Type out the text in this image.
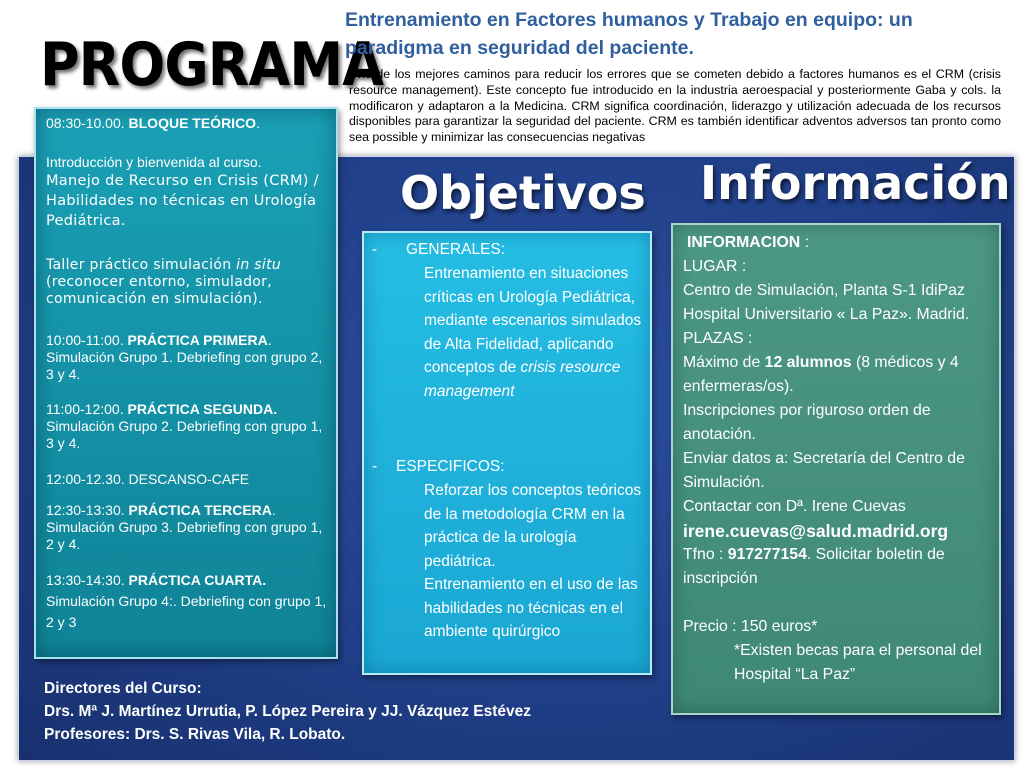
PROGRAMA
Entrenamiento en Factores humanos y Trabajo en equipo: un paradigma en seguridad del paciente.
Uno de los mejores caminos para reducir los errores que se cometen debido a factores humanos es el CRM (crisis resource management). Este concepto fue introducido en la industria aeroespacial y posteriormente Gaba y cols. la modificaron y adaptaron a la Medicina. CRM significa coordinación, liderazgo y utilización adecuada de los recursos disponibles para garantizar la seguridad del paciente. CRM es también identificar adventos adversos tan pronto como sea possible y minimizar las consecuencias negativas
Objetivos Información
08:30-10.00. BLOQUE TEÓRICO.
Introducción y bienvenida al curso.
Manejo de Recurso en Crisis (CRM) / Habilidades no técnicas en Urología Pediátrica.
Taller práctico simulación in situ (reconocer entorno, simulador, comunicación en simulación).
10:00-11:00. PRÁCTICA PRIMERA.
Simulación Grupo 1. Debriefing con grupo 2, 3 y 4.
11:00-12:00. PRÁCTICA SEGUNDA.
Simulación Grupo 2. Debriefing con grupo 1, 3 y 4.
12:00-12.30. DESCANSO-CAFE
12:30-13:30. PRÁCTICA TERCERA.
Simulación Grupo 3. Debriefing con grupo 1, 2 y 4.
13:30-14:30. PRÁCTICA CUARTA.
Simulación Grupo 4:. Debriefing con grupo 1, 2 y 3
- GENERALES:
Entrenamiento en situaciones críticas en Urología Pediátrica, mediante escenarios simulados de Alta Fidelidad, aplicando conceptos de crisis resource management
- ESPECIFICOS:
Reforzar los conceptos teóricos de la metodología CRM en la práctica de la urología pediátrica.
Entrenamiento en el uso de las habilidades no técnicas en el ambiente quirúrgico
INFORMACION :
LUGAR :
Centro de Simulación, Planta S-1 IdiPaz Hospital Universitario « La Paz». Madrid.
PLAZAS :
Máximo de 12 alumnos (8 médicos y 4 enfermeras/os).
Inscripciones por riguroso orden de anotación.
Enviar datos a: Secretaría del Centro de Simulación.
Contactar con Dª. Irene Cuevas
irene.cuevas@salud.madrid.org
Tfno : 917277154. Solicitar boletin de inscripción
Precio : 150 euros*
*Existen becas para el personal del Hospital “La Paz”
Directores del Curso:
Drs. Mª J. Martínez Urrutia, P. López Pereira y JJ. Vázquez Estévez
Profesores: Drs. S. Rivas Vila, R. Lobato.
